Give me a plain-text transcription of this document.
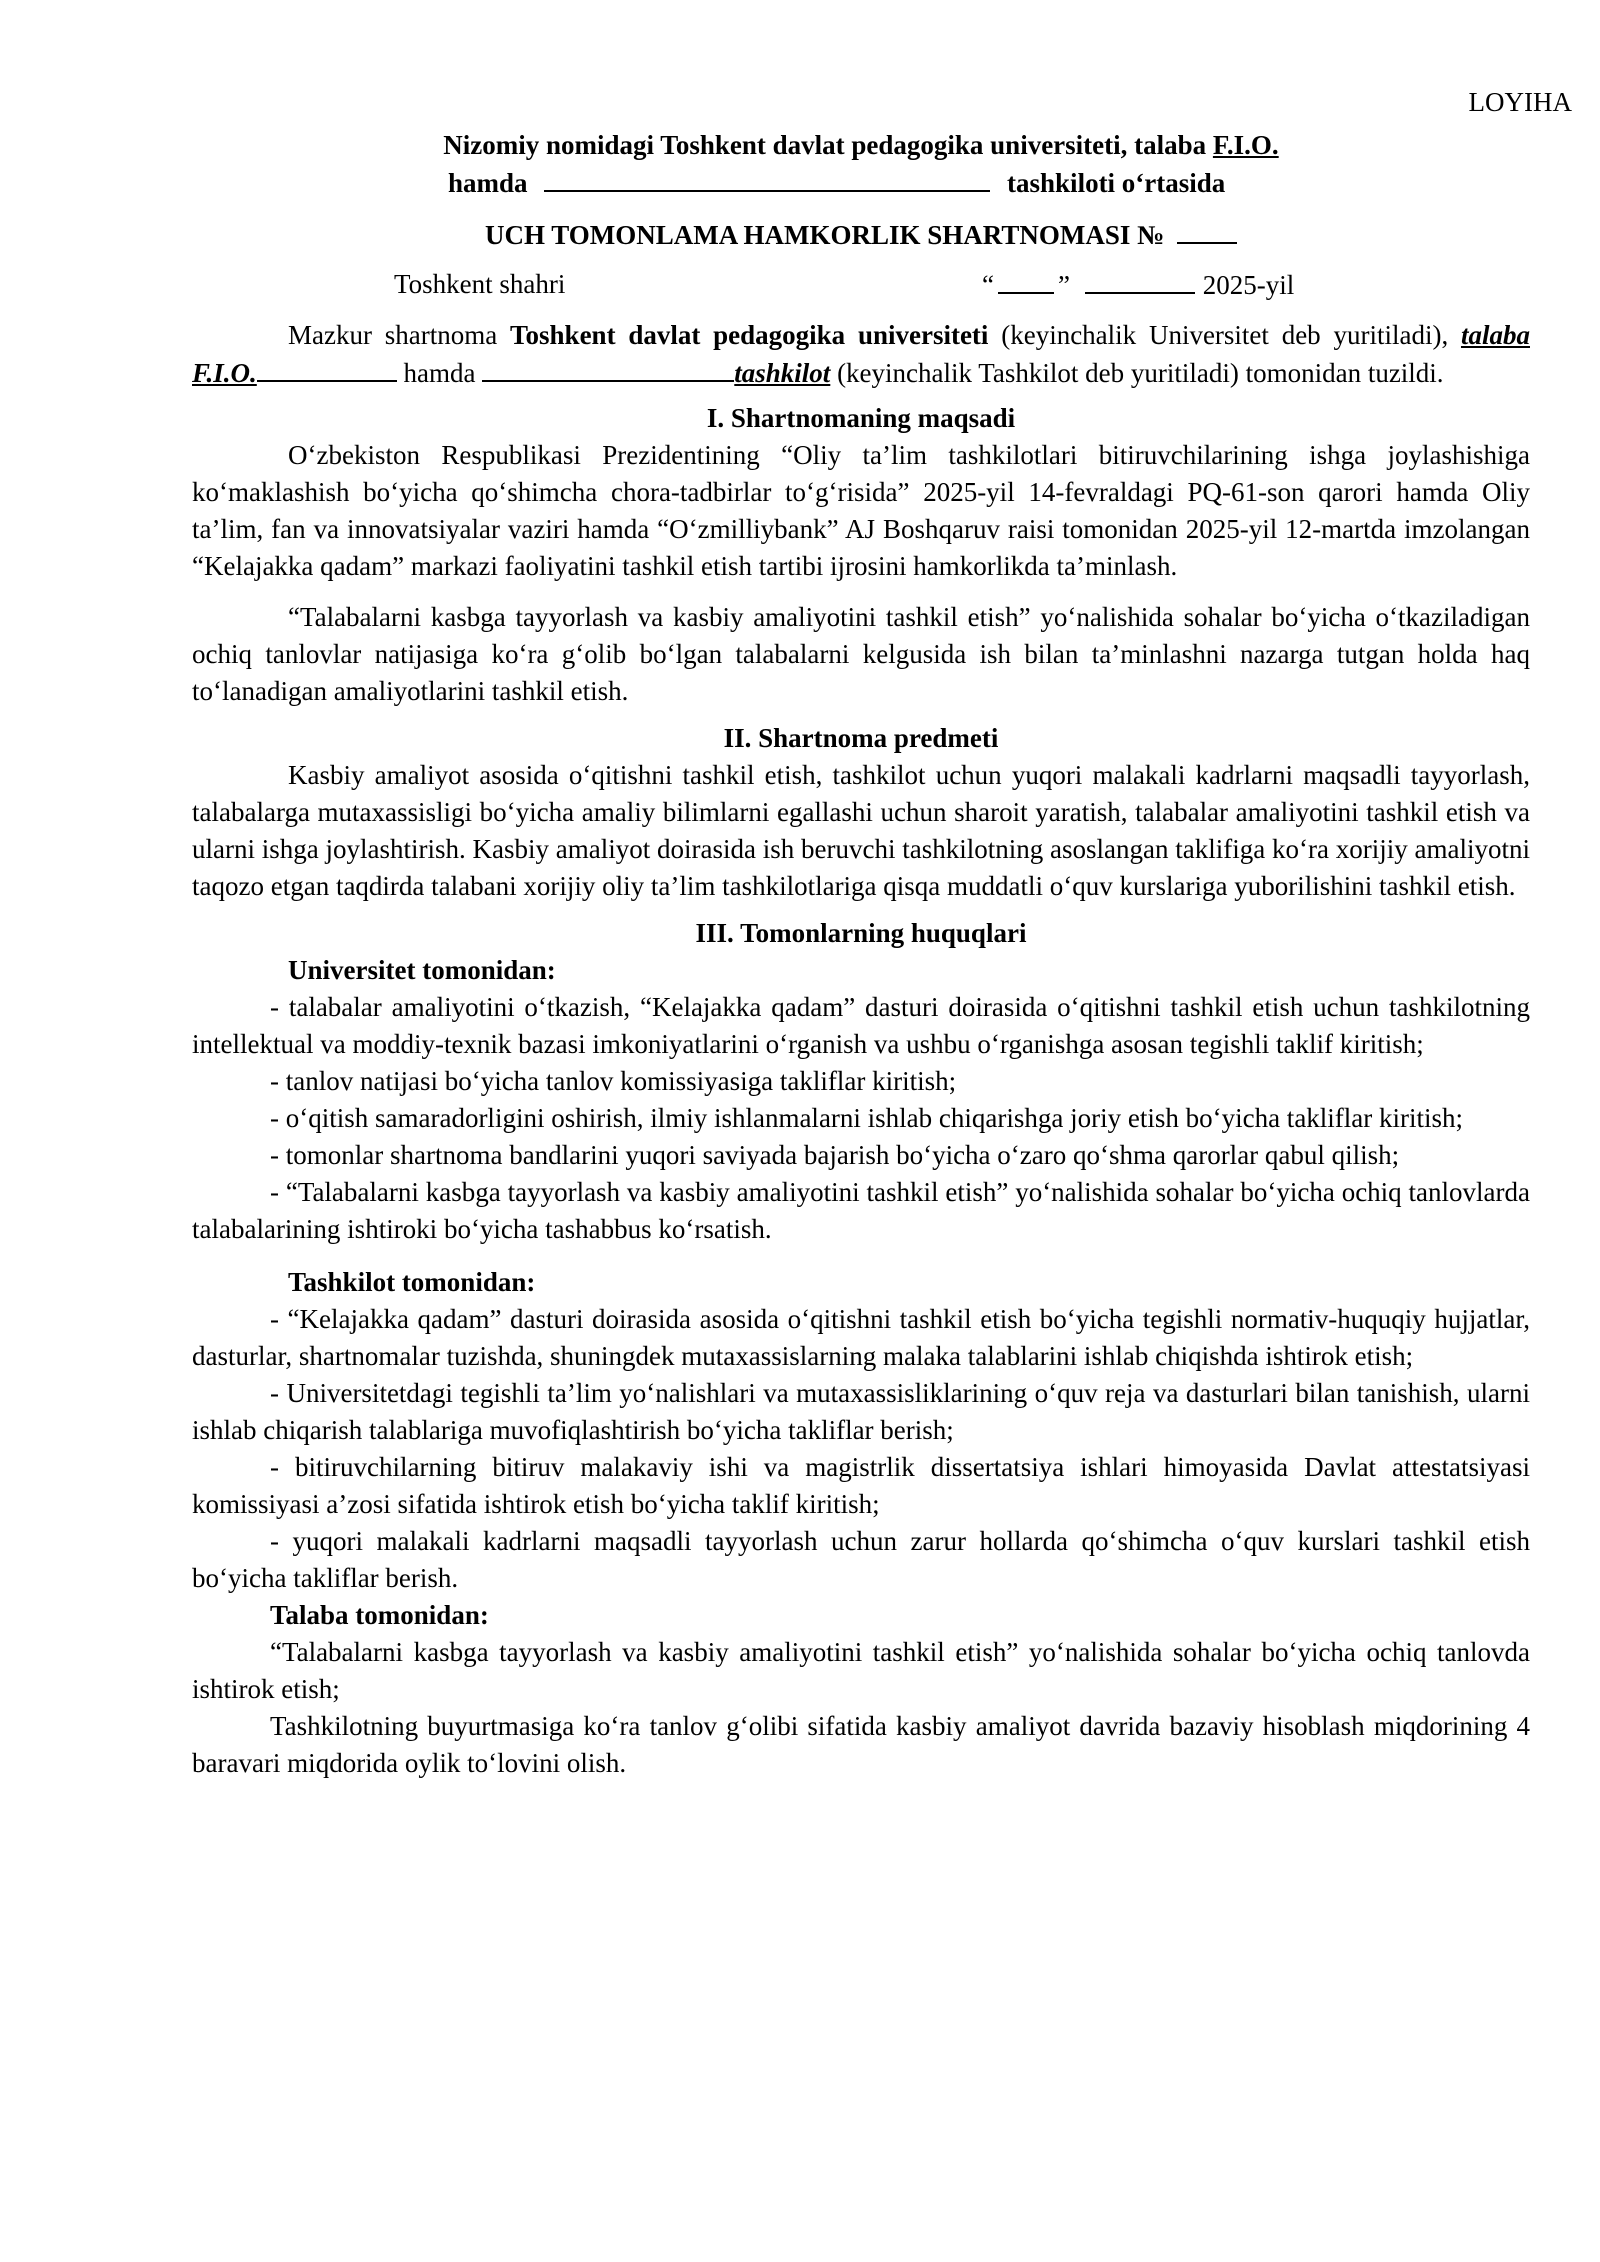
LOYIHA

Nizomiy nomidagi Toshkent davlat pedagogika universiteti, talaba F.I.O.

hamda	tashkiloti o‘rtasida

UCH TOMONLAMA HAMKORLIK SHARTNOMASI №

Toshkent shahri	“ ”	2025-yil

Mazkur shartnoma Toshkent davlat pedagogika universiteti (keyinchalik Universitet deb yuritiladi), talaba F.I.O.	hamda	tashkilot (keyinchalik Tashkilot deb yuritiladi) tomonidan tuzildi.

I. Shartnomaning maqsadi

O‘zbekiston Respublikasi Prezidentining “Oliy ta’lim tashkilotlari bitiruvchilarining ishga joylashishiga ko‘maklashish bo‘yicha qo‘shimcha chora-tadbirlar to‘g‘risida” 2025-yil 14-fevraldagi PQ-61-son qarori hamda Oliy ta’lim, fan va innovatsiyalar vaziri hamda “O‘zmilliybank” AJ Boshqaruv raisi tomonidan 2025-yil 12-martda imzolangan “Kelajakka qadam” markazi faoliyatini tashkil etish tartibi ijrosini hamkorlikda ta’minlash.

“Talabalarni kasbga tayyorlash va kasbiy amaliyotini tashkil etish” yo‘nalishida sohalar bo‘yicha o‘tkaziladigan ochiq tanlovlar natijasiga ko‘ra g‘olib bo‘lgan talabalarni kelgusida ish bilan ta’minlashni nazarga tutgan holda haq to‘lanadigan amaliyotlarini tashkil etish.

II. Shartnoma predmeti

Kasbiy amaliyot asosida o‘qitishni tashkil etish, tashkilot uchun yuqori malakali kadrlarni maqsadli tayyorlash, talabalarga mutaxassisligi bo‘yicha amaliy bilimlarni egallashi uchun sharoit yaratish, talabalar amaliyotini tashkil etish va ularni ishga joylashtirish. Kasbiy amaliyot doirasida ish beruvchi tashkilotning asoslangan taklifiga ko‘ra xorijiy amaliyotni taqozo etgan taqdirda talabani xorijiy oliy ta’lim tashkilotlariga qisqa muddatli o‘quv kurslariga yuborilishini tashkil etish.

III. Tomonlarning huquqlari

Universitet tomonidan:

- talabalar amaliyotini o‘tkazish, “Kelajakka qadam” dasturi doirasida o‘qitishni tashkil etish uchun tashkilotning intellektual va moddiy-texnik bazasi imkoniyatlarini o‘rganish va ushbu o‘rganishga asosan tegishli taklif kiritish;

- tanlov natijasi bo‘yicha tanlov komissiyasiga takliflar kiritish;

- o‘qitish samaradorligini oshirish, ilmiy ishlanmalarni ishlab chiqarishga joriy etish bo‘yicha takliflar kiritish;

- tomonlar shartnoma bandlarini yuqori saviyada bajarish bo‘yicha o‘zaro qo‘shma qarorlar qabul qilish;

- “Talabalarni kasbga tayyorlash va kasbiy amaliyotini tashkil etish” yo‘nalishida sohalar bo‘yicha ochiq tanlovlarda talabalarining ishtiroki bo‘yicha tashabbus ko‘rsatish.

Tashkilot tomonidan:

- “Kelajakka qadam” dasturi doirasida asosida o‘qitishni tashkil etish bo‘yicha tegishli normativ-huquqiy hujjatlar, dasturlar, shartnomalar tuzishda, shuningdek mutaxassislarning malaka talablarini ishlab chiqishda ishtirok etish;

- Universitetdagi tegishli ta’lim yo‘nalishlari va mutaxassisliklarining o‘quv reja va dasturlari bilan tanishish, ularni ishlab chiqarish talablariga muvofiqlashtirish bo‘yicha takliflar berish;

- bitiruvchilarning bitiruv malakaviy ishi va magistrlik dissertatsiya ishlari himoyasida Davlat attestatsiyasi komissiyasi a’zosi sifatida ishtirok etish bo‘yicha taklif kiritish;

- yuqori malakali kadrlarni maqsadli tayyorlash uchun zarur hollarda qo‘shimcha o‘quv kurslari tashkil etish bo‘yicha takliflar berish.

Talaba tomonidan:

“Talabalarni kasbga tayyorlash va kasbiy amaliyotini tashkil etish” yo‘nalishida sohalar bo‘yicha ochiq tanlovda ishtirok etish;

Tashkilotning buyurtmasiga ko‘ra tanlov g‘olibi sifatida kasbiy amaliyot davrida bazaviy hisoblash miqdorining 4 baravari miqdorida oylik to‘lovini olish.
